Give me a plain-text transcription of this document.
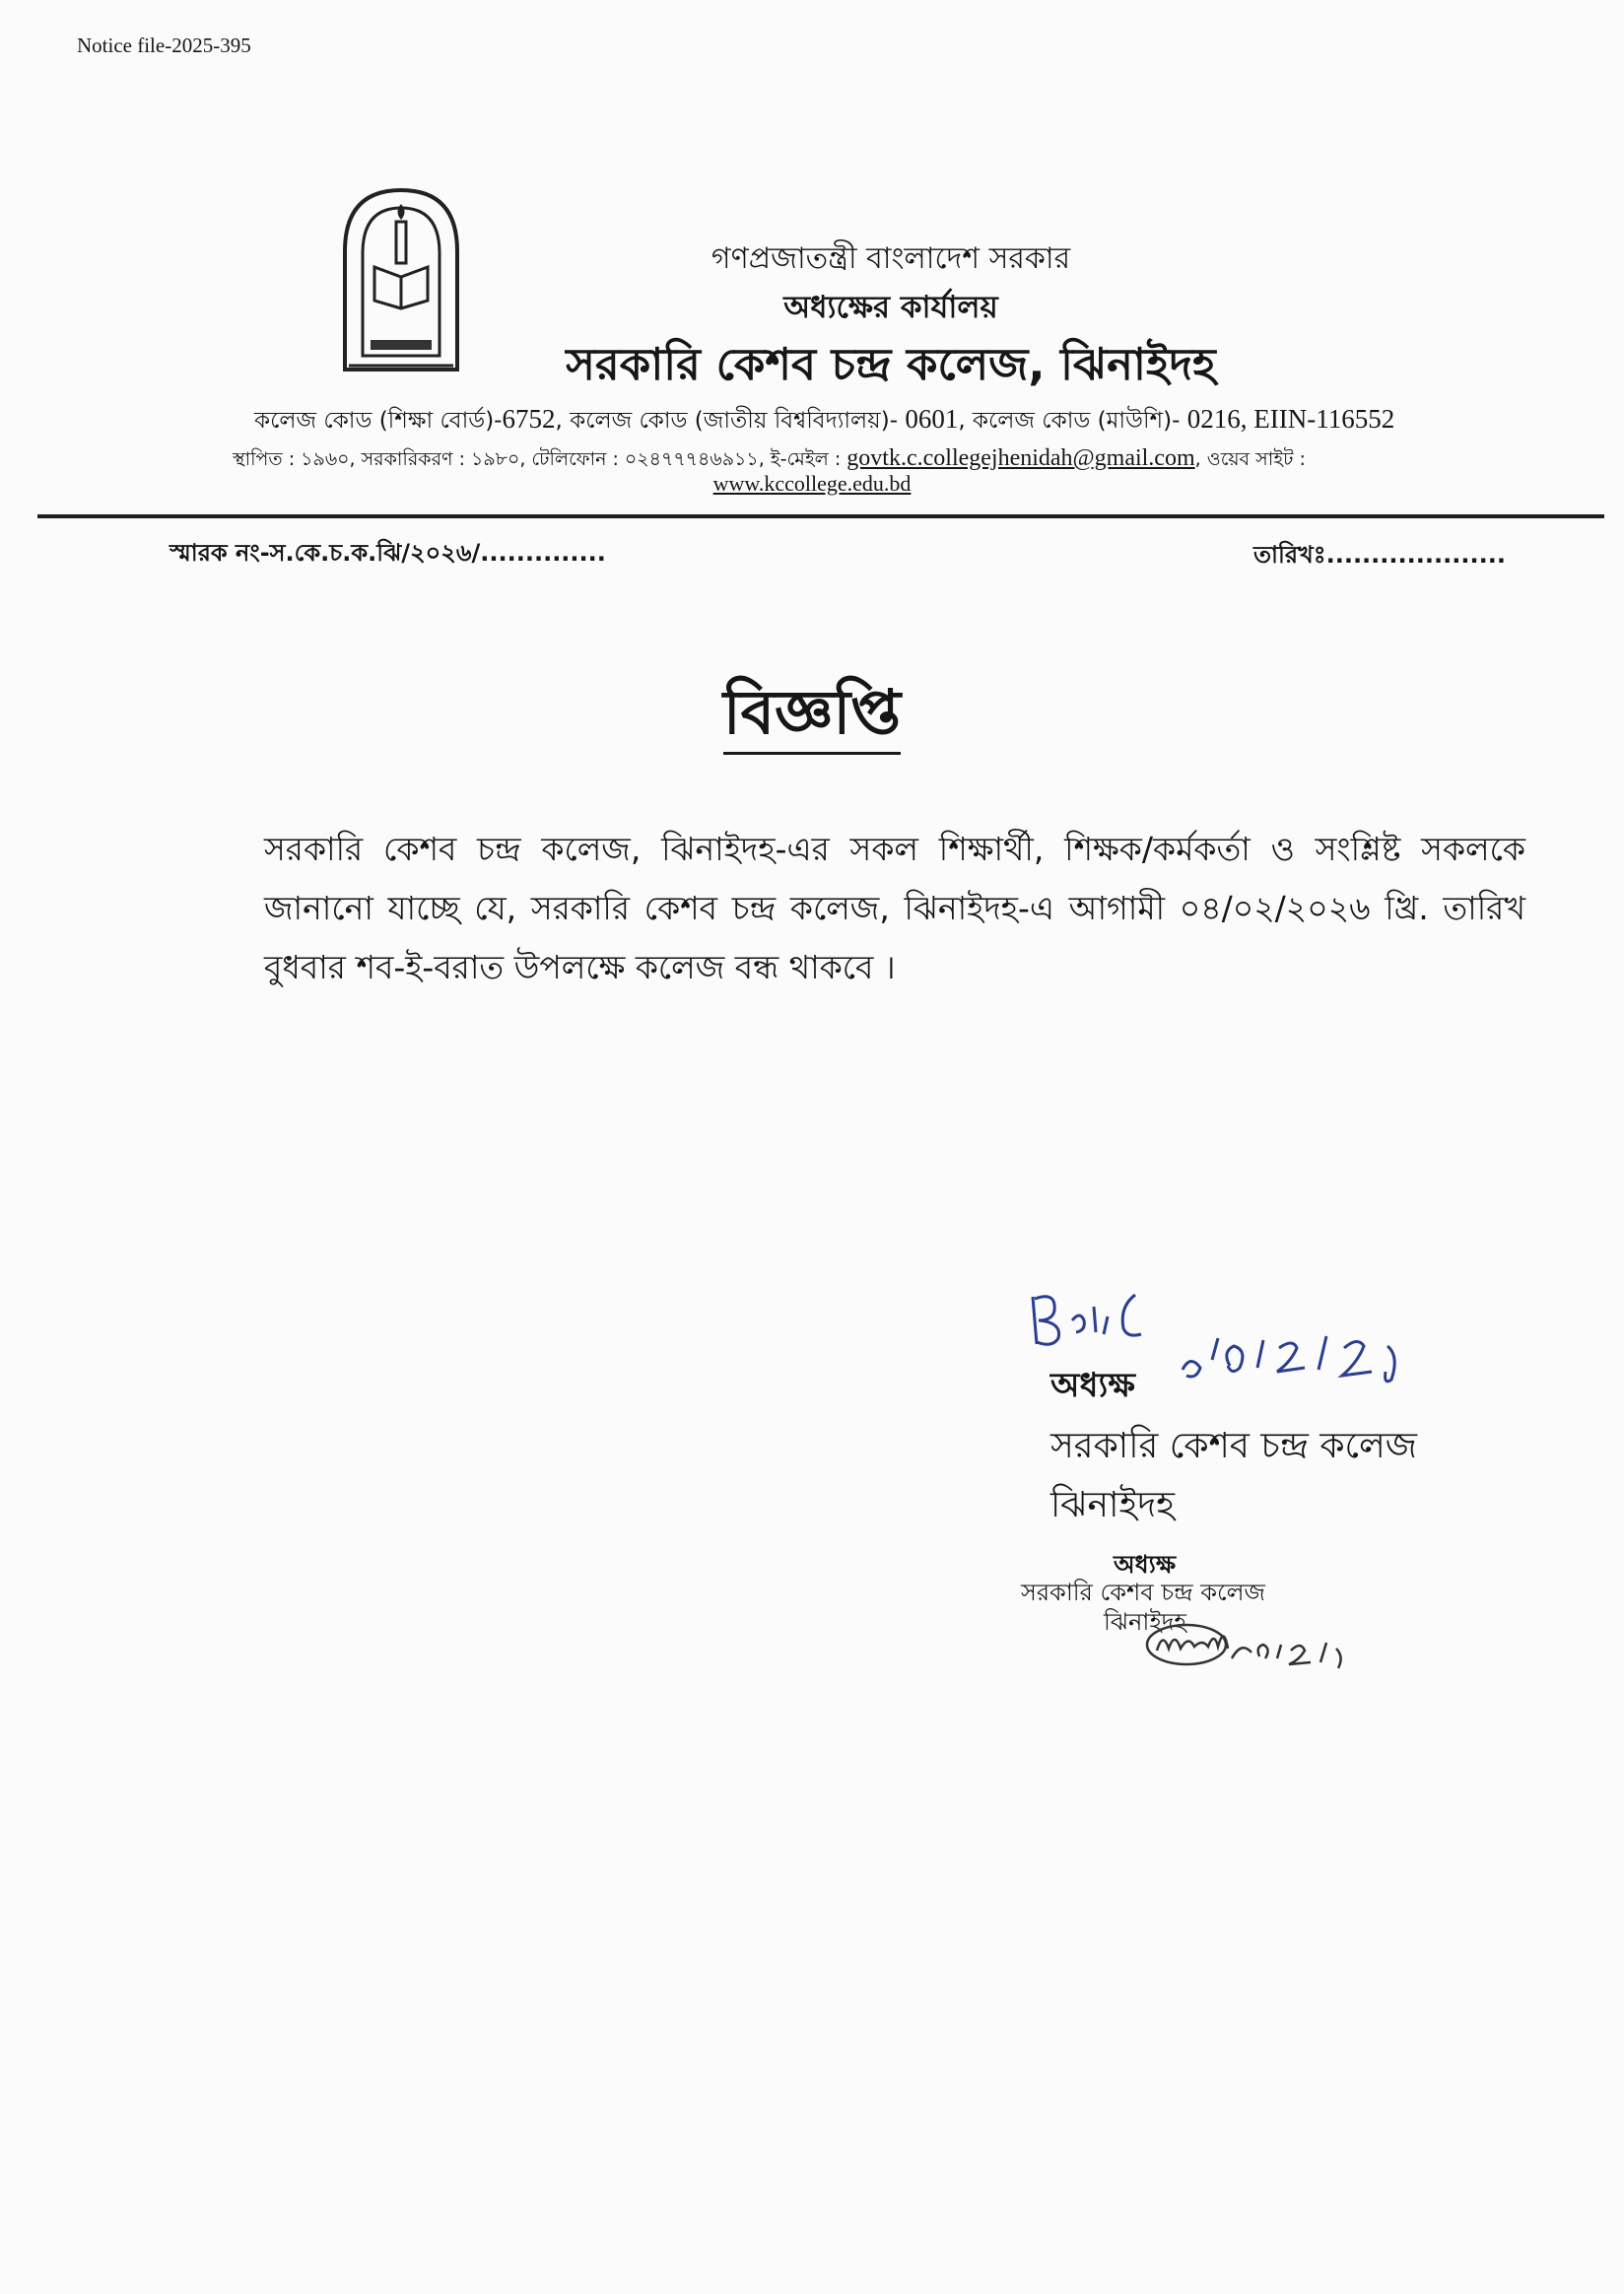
Notice file-2025-395
গণপ্রজাতন্ত্রী বাংলাদেশ সরকার
অধ্যক্ষের কার্যালয়
সরকারি কেশব চন্দ্র কলেজ, ঝিনাইদহ
কলেজ কোড (শিক্ষা বোর্ড)-6752, কলেজ কোড (জাতীয় বিশ্ববিদ্যালয়)- 0601, কলেজ কোড (মাউশি)- 0216, EIIN-116552
স্থাপিত : ১৯৬০, সরকারিকরণ : ১৯৮০, টেলিফোন : ০২৪৭৭৭৪৬৯১১, ই-মেইল : govtk.c.collegejhenidah@gmail.com, ওয়েব সাইট :
www.kccollege.edu.bd
স্মারক নং-স.কে.চ.ক.ঝি/২০২৬/..............	তারিখঃ....................
বিজ্ঞপ্তি
সরকারি কেশব চন্দ্র কলেজ, ঝিনাইদহ-এর সকল শিক্ষার্থী, শিক্ষক/কর্মকর্তা ও সংশ্লিষ্ট সকলকে জানানো যাচ্ছে যে, সরকারি কেশব চন্দ্র কলেজ, ঝিনাইদহ-এ আগামী ০৪/০২/২০২৬ খ্রি. তারিখ বুধবার শব-ই-বরাত উপলক্ষে কলেজ বন্ধ থাকবে ।
অধ্যক্ষ
সরকারি কেশব চন্দ্র কলেজ
ঝিনাইদহ
অধ্যক্ষ
সরকারি কেশব চন্দ্র কলেজ
ঝিনাইদহ
